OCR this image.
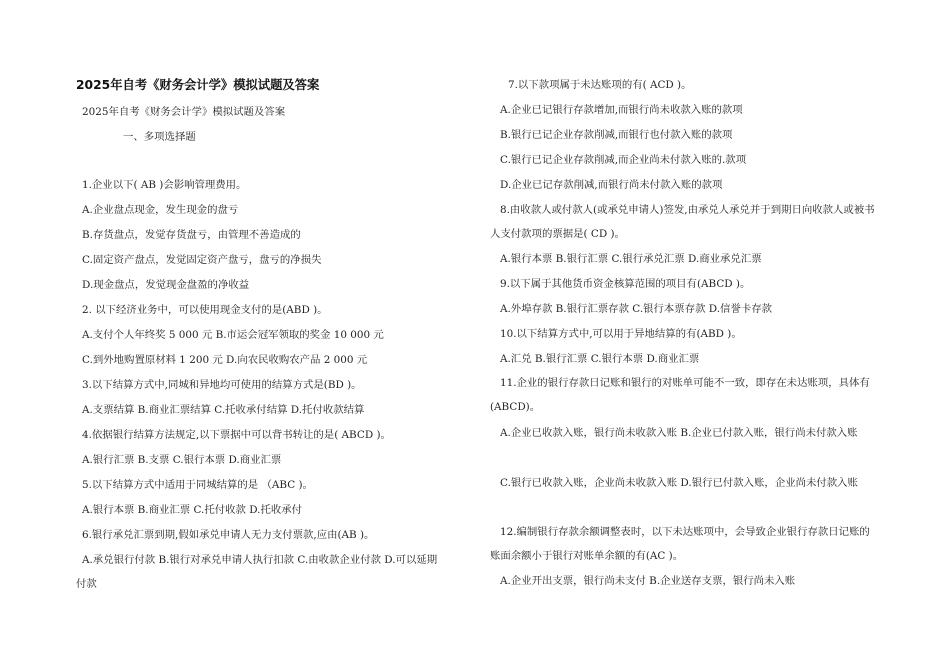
2025年自考《财务会计学》模拟试题及答案
2025年自考《财务会计学》模拟试题及答案
一、多项选择题
1.企业以下( AB )会影响管理费用。
A.企业盘点现金，发生现金的盘亏
B.存货盘点，发觉存货盘亏，由管理不善造成的
C.固定资产盘点，发觉固定资产盘亏，盘亏的净损失
D.现金盘点，发觉现金盘盈的净收益
2. 以下经济业务中，可以使用现金支付的是(ABD )。
A.支付个人年终奖 5 000 元 B.市运会冠军领取的奖金 10 000 元
C.到外地购置原材料 1 200 元 D.向农民收购农产品 2 000 元
3.以下结算方式中,同城和异地均可使用的结算方式是(BD )。
A.支票结算 B.商业汇票结算 C.托收承付结算 D.托付收款结算
4.依据银行结算方法规定,以下票据中可以背书转让的是( ABCD )。
A.银行汇票 B.支票 C.银行本票 D.商业汇票
5.以下结算方式中适用于同城结算的是 （ABC )。
A.银行本票 B.商业汇票 C.托付收款 D.托收承付
6.银行承兑汇票到期,假如承兑申请人无力支付票款,应由(AB )。
A.承兑银行付款 B.银行对承兑申请人执行扣款 C.由收款企业付款 D.可以延期
付款
7.以下款项属于未达账项的有( ACD )。
A.企业已记银行存款增加,而银行尚未收款入账的款项
B.银行已记企业存款削减,而银行也付款入账的款项
C.银行已记企业存款削减,而企业尚未付款入账的.款项
D.企业已记存款削减,而银行尚未付款入账的款项
8.由收款人或付款人(或承兑申请人)签发,由承兑人承兑并于到期日向收款人或被书人支付款项的票据是( CD )。
A.银行本票 B.银行汇票 C.银行承兑汇票 D.商业承兑汇票
9.以下属于其他货币资金核算范围的项目有(ABCD )。
A.外埠存款 B.银行汇票存款 C.银行本票存款 D.信誉卡存款
10.以下结算方式中,可以用于异地结算的有(ABD )。
A.汇兑 B.银行汇票 C.银行本票 D.商业汇票
11.企业的银行存款日记账和银行的对账单可能不一致，即存在未达账项，具体有(ABCD)。
A.企业已收款入账，银行尚未收款入账 B.企业已付款入账，银行尚未付款入账
C.银行已收款入账，企业尚未收款入账 D.银行已付款入账，企业尚未付款入账
12.编制银行存款余额调整表时，以下未达账项中，会导致企业银行存款日记账的账面余额小于银行对账单余额的有(AC )。
A.企业开出支票，银行尚未支付 B.企业送存支票，银行尚未入账
